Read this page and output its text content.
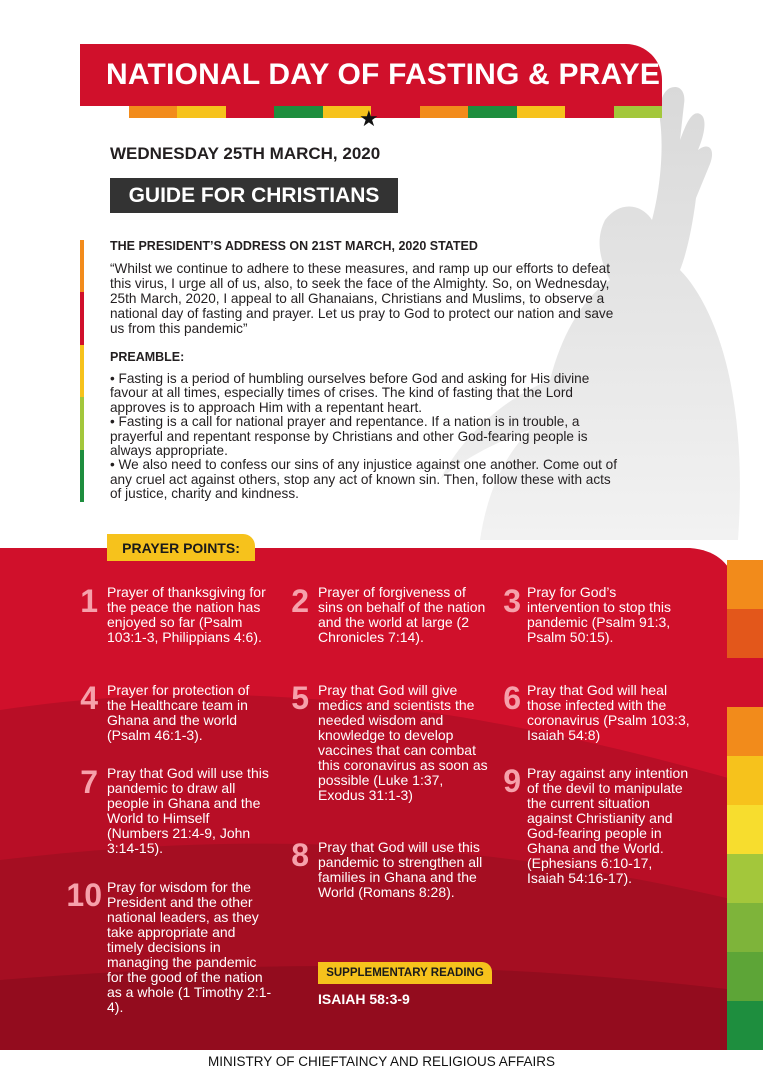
NATIONAL DAY OF FASTING & PRAYER
★
WEDNESDAY 25TH MARCH, 2020
GUIDE FOR CHRISTIANS
THE PRESIDENT’S ADDRESS ON 21ST MARCH, 2020 STATED
“Whilst we continue to adhere to these measures, and ramp up our efforts to defeat this virus, I urge all of us, also, to seek the face of the Almighty. So, on Wednesday, 25th March, 2020, I appeal to all Ghanaians, Christians and Muslims, to observe a national day of fasting and prayer. Let us pray to God to protect our nation and save us from this pandemic”
PREAMBLE:

• Fasting is a period of humbling ourselves before God and asking for His divine favour at all times, especially times of crises. The kind of fasting that the Lord approves is to approach Him with a repentant heart.

• Fasting is a call for national prayer and repentance. If a nation is in trouble, a prayerful and repentant response by Christians and other God-fearing people is always appropriate.

• We also need to confess our sins of any injustice against one another. Come out of any cruel act against others, stop any act of known sin. Then, follow these with acts of justice, charity and kindness.

PRAYER POINTS:
1 Prayer of thanksgiving for the peace the nation has enjoyed so far (Psalm 103:1-3, Philippians 4:6).
4 Prayer for protection of the Healthcare team in Ghana and the world (Psalm 46:1-3).
7 Pray that God will use this pandemic to draw all people in Ghana and the World to Himself (Numbers 21:4-9, John 3:14-15).
10 Pray for wisdom for the President and the other national leaders, as they take appropriate and timely decisions in managing the pandemic for the good of the nation as a whole (1 Timothy 2:1-4).
2 Prayer of forgiveness of sins on behalf of the nation and the world at large (2 Chronicles 7:14).
5 Pray that God will give medics and scientists the needed wisdom and knowledge to develop vaccines that can combat this coronavirus as soon as possible (Luke 1:37, Exodus 31:1-3)
8 Pray that God will use this pandemic to strengthen all families in Ghana and the World (Romans 8:28).
3 Pray for God’s intervention to stop this pandemic (Psalm 91:3, Psalm 50:15).
6 Pray that God will heal those infected with the coronavirus (Psalm 103:3, Isaiah 54:8)
9 Pray against any intention of the devil to manipulate the current situation against Christianity and God-fearing people in Ghana and the World. (Ephesians 6:10-17, Isaiah 54:16-17).
SUPPLEMENTARY READING
ISAIAH 58:3-9
MINISTRY OF CHIEFTAINCY AND RELIGIOUS AFFAIRS
